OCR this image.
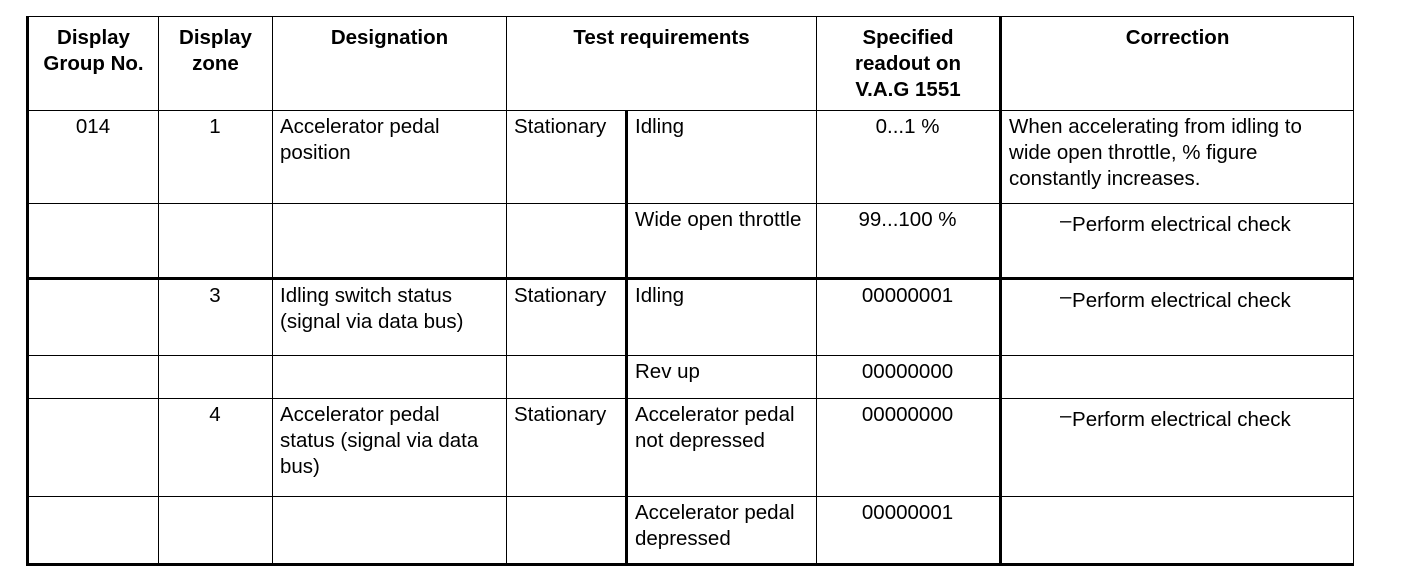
Display Group No.	Display zone	Designation	Test requirements		Specified readout on V.A.G 1551	Correction
014	1	Accelerator pedal position	Stationary	Idling	0...1 %	When accelerating from idling to wide open throttle, % figure constantly increases.
				Wide open throttle	99...100 %	–Perform electrical check
	3	Idling switch status (signal via data bus)	Stationary	Idling	00000001	–Perform electrical check
				Rev up	00000000	
	4	Accelerator pedal status (signal via data bus)	Stationary	Accelerator pedal not depressed	00000000	–Perform electrical check
				Accelerator pedal depressed	00000001	
